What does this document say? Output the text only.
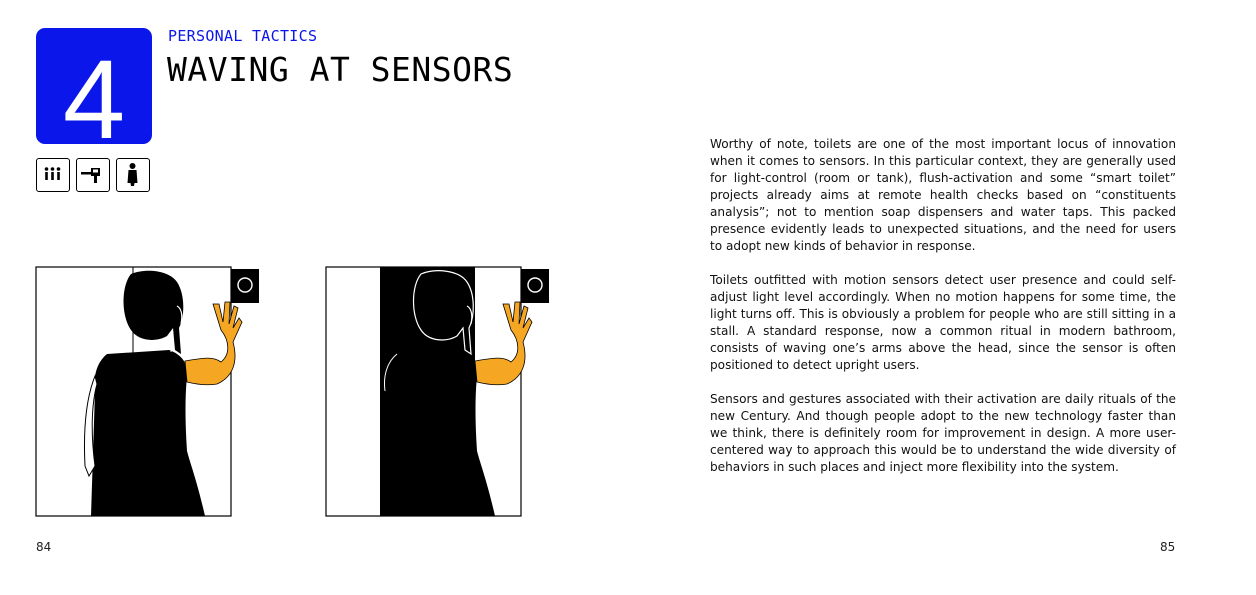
4
PERSONAL TACTICS
WAVING AT SENSORS

Worthy of note, toilets are one of the most important locus of innovation when it comes to sensors. In this particular context, they are generally used for light-control (room or tank), flush-activation and some “smart toilet” projects already aims at remote health checks based on “constituents analysis”; not to mention soap dispensers and water taps. This packed presence evidently leads to unexpected situations, and the need for users to adopt new kinds of behavior in response.

Toilets outfitted with motion sensors detect user presence and could self-adjust light level accordingly. When no motion happens for some time, the light turns off. This is obviously a problem for people who are still sitting in a stall. A standard response, now a common ritual in modern bathroom, consists of waving one’s arms above the head, since the sensor is often positioned to detect upright users.

Sensors and gestures associated with their activation are daily rituals of the new Century. And though people adopt to the new technology faster than we think, there is definitely room for improvement in design. A more user-centered way to approach this would be to understand the wide diversity of behaviors in such places and inject more flexibility into the system.

84	85
